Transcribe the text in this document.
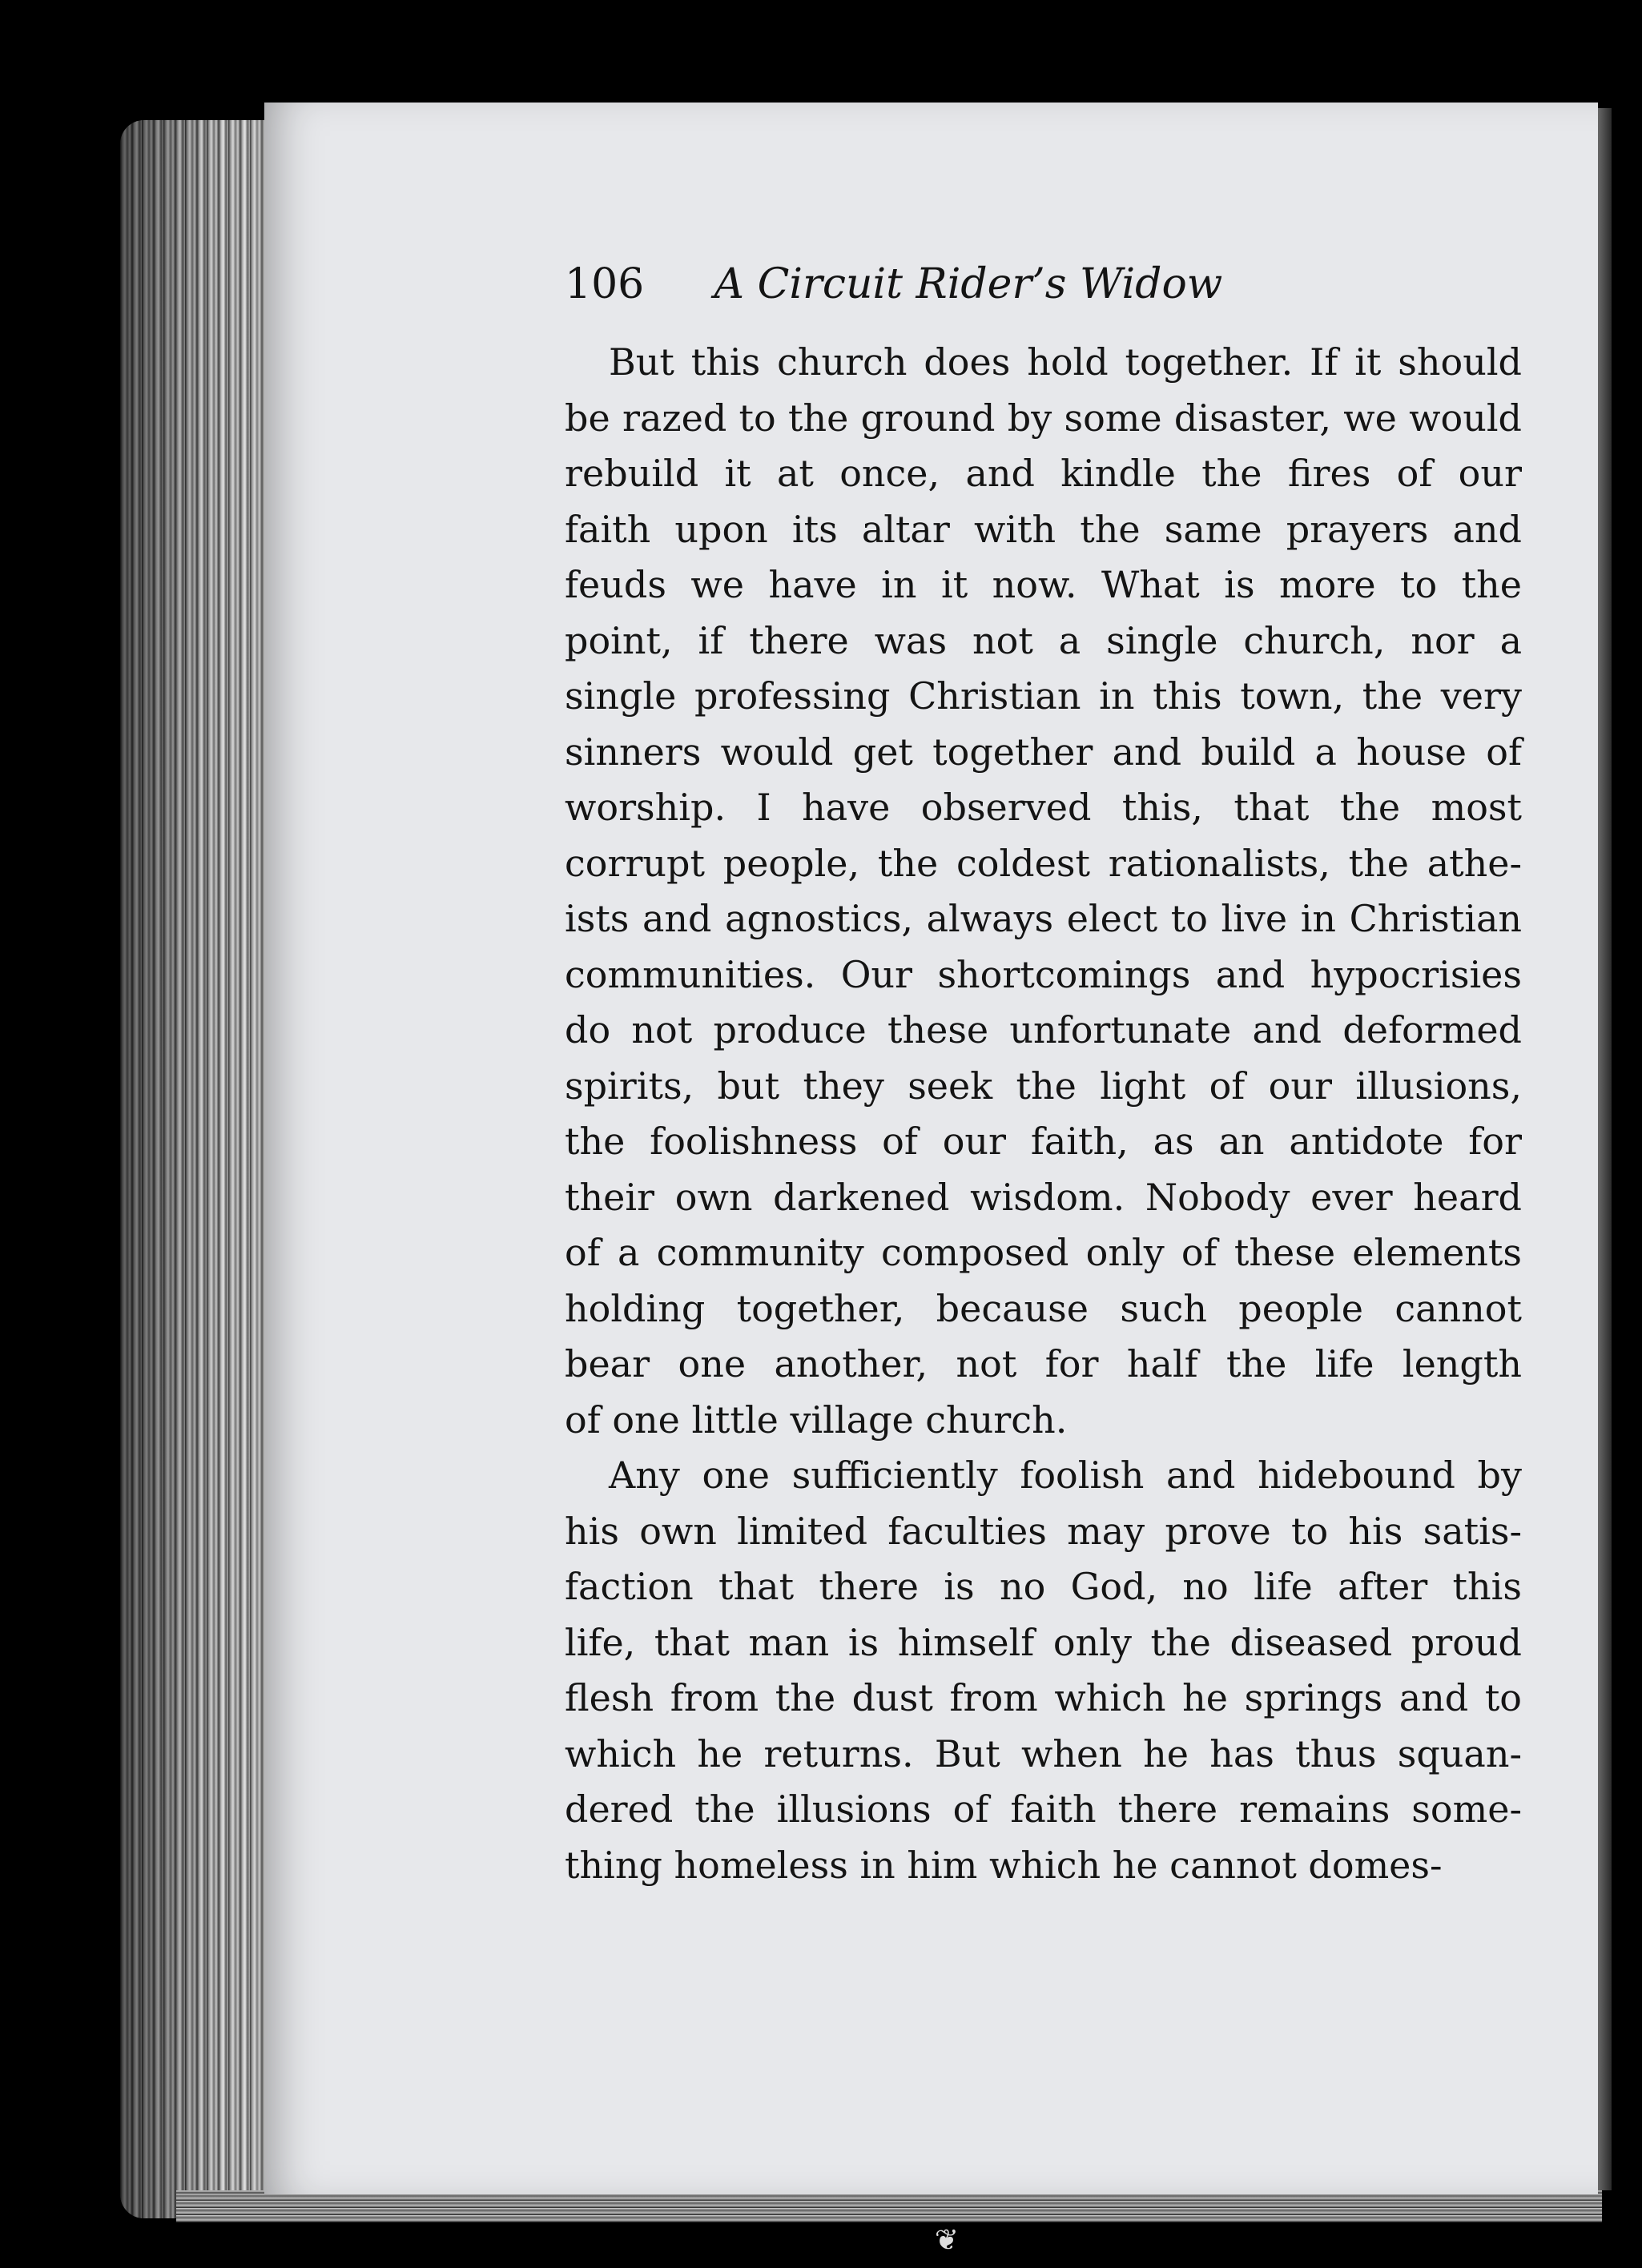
106 A Circuit Rider’s Widow
But this church does hold together. If it should
be razed to the ground by some disaster, we would
rebuild it at once, and kindle the fires of our
faith upon its altar with the same prayers and
feuds we have in it now. What is more to the
point, if there was not a single church, nor a
single professing Christian in this town, the very
sinners would get together and build a house of
worship. I have observed this, that the most
corrupt people, the coldest rationalists, the athe-
ists and agnostics, always elect to live in Christian
communities. Our shortcomings and hypocrisies
do not produce these unfortunate and deformed
spirits, but they seek the light of our illusions,
the foolishness of our faith, as an antidote for
their own darkened wisdom. Nobody ever heard
of a community composed only of these elements
holding together, because such people cannot
bear one another, not for half the life length
of one little village church.
Any one sufficiently foolish and hidebound by
his own limited faculties may prove to his satis-
faction that there is no God, no life after this
life, that man is himself only the diseased proud
flesh from the dust from which he springs and to
which he returns. But when he has thus squan-
dered the illusions of faith there remains some-
thing homeless in him which he cannot domes-
❦
